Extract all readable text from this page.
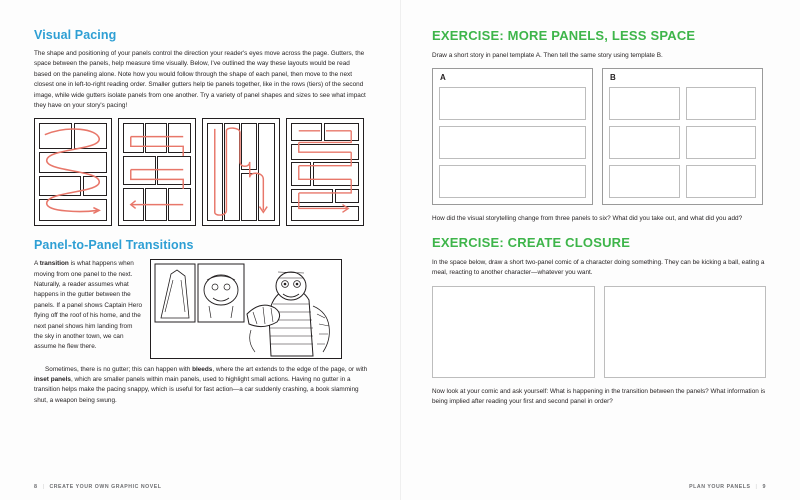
Visual Pacing

The shape and positioning of your panels control the direction your reader's eyes move across the page. Gutters, the space between the panels, help measure time visually. Below, I've outlined the way these layouts would be read based on the paneling alone. Note how you would follow through the shape of each panel, then move to the next closest one in left-to-right reading order. Smaller gutters help tie panels together, like in the rows (tiers) of the second image, while wide gutters isolate panels from one another. Try a variety of panel shapes and sizes to see what impact they have on your story's pacing!

Panel-to-Panel Transitions

A transition is what happens when moving from one panel to the next. Naturally, a reader assumes what happens in the gutter between the panels. If a panel shows Captain Hero flying off the roof of his home, and the next panel shows him landing from the sky in another town, we can assume he flew there.

Sometimes, there is no gutter; this can happen with bleeds, where the art extends to the edge of the page, or with inset panels, which are smaller panels within main panels, used to highlight small actions. Having no gutter in a transition helps make the pacing snappy, which is useful for fast action—a car suddenly crashing, a book slamming shut, a weapon being swung.

8 | CREATE YOUR OWN GRAPHIC NOVEL
EXERCISE: MORE PANELS, LESS SPACE

Draw a short story in panel template A. Then tell the same story using template B.

A	B

How did the visual storytelling change from three panels to six? What did you take out, and what did you add?

EXERCISE: CREATE CLOSURE

In the space below, draw a short two-panel comic of a character doing something. They can be kicking a ball, eating a meal, reacting to another character—whatever you want.

Now look at your comic and ask yourself: What is happening in the transition between the panels? What information is being implied after reading your first and second panel in order?

PLAN YOUR PANELS | 9
